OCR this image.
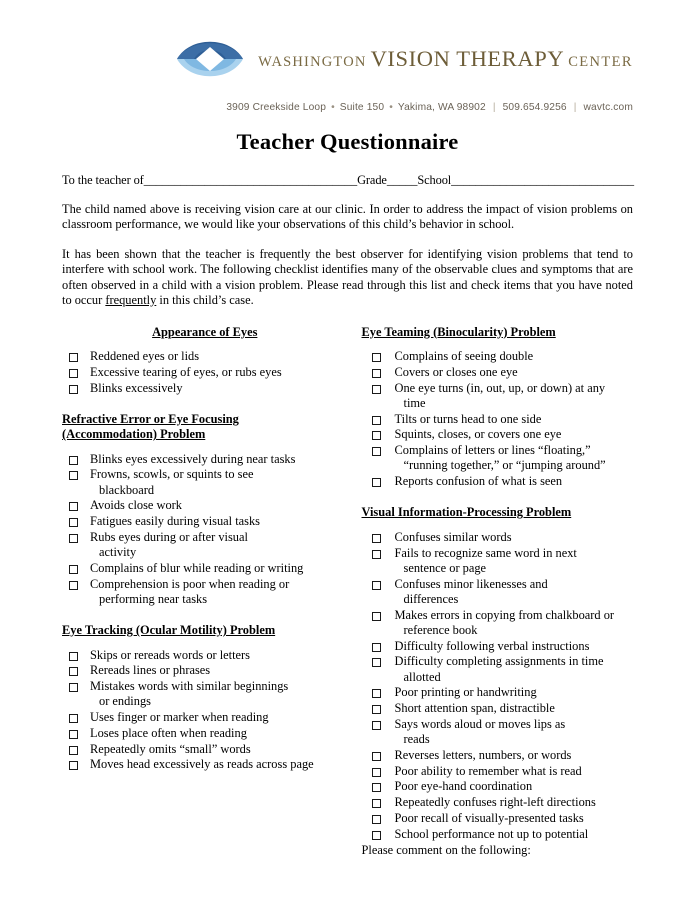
WASHINGTON VISION THERAPY CENTER
3909 Creekside Loop • Suite 150 • Yakima, WA 98902 | 509.654.9256 | wavtc.com
Teacher Questionnaire
To the teacher of___________________________________Grade_____School______________________________
The child named above is receiving vision care at our clinic. In order to address the impact of vision problems on classroom performance, we would like your observations of this child’s behavior in school.
It has been shown that the teacher is frequently the best observer for identifying vision problems that tend to interfere with school work. The following checklist identifies many of the observable clues and symptoms that are often observed in a child with a vision problem. Please read through this list and check items that you have noted to occur frequently in this child’s case.
Appearance of Eyes
Reddened eyes or lids
Excessive tearing of eyes, or rubs eyes
Blinks excessively
Refractive Error or Eye Focusing
(Accommodation) Problem
Blinks eyes excessively during near tasks
Frowns, scowls, or squints to see
blackboard
Avoids close work
Fatigues easily during visual tasks
Rubs eyes during or after visual
activity
Complains of blur while reading or writing
Comprehension is poor when reading or
performing near tasks
Eye Tracking (Ocular Motility) Problem
Skips or rereads words or letters
Rereads lines or phrases
Mistakes words with similar beginnings
or endings
Uses finger or marker when reading
Loses place often when reading
Repeatedly omits “small” words
Moves head excessively as reads across page
Eye Teaming (Binocularity) Problem
Complains of seeing double
Covers or closes one eye
One eye turns (in, out, up, or down) at any
time
Tilts or turns head to one side
Squints, closes, or covers one eye
Complains of letters or lines “floating,”
“running together,” or “jumping around”
Reports confusion of what is seen
Visual Information-Processing Problem
Confuses similar words
Fails to recognize same word in next
sentence or page
Confuses minor likenesses and
differences
Makes errors in copying from chalkboard or
reference book
Difficulty following verbal instructions
Difficulty completing assignments in time
allotted
Poor printing or handwriting
Short attention span, distractible
Says words aloud or moves lips as
reads
Reverses letters, numbers, or words
Poor ability to remember what is read
Poor eye-hand coordination
Repeatedly confuses right-left directions
Poor recall of visually-presented tasks
School performance not up to potential
Please comment on the following:
